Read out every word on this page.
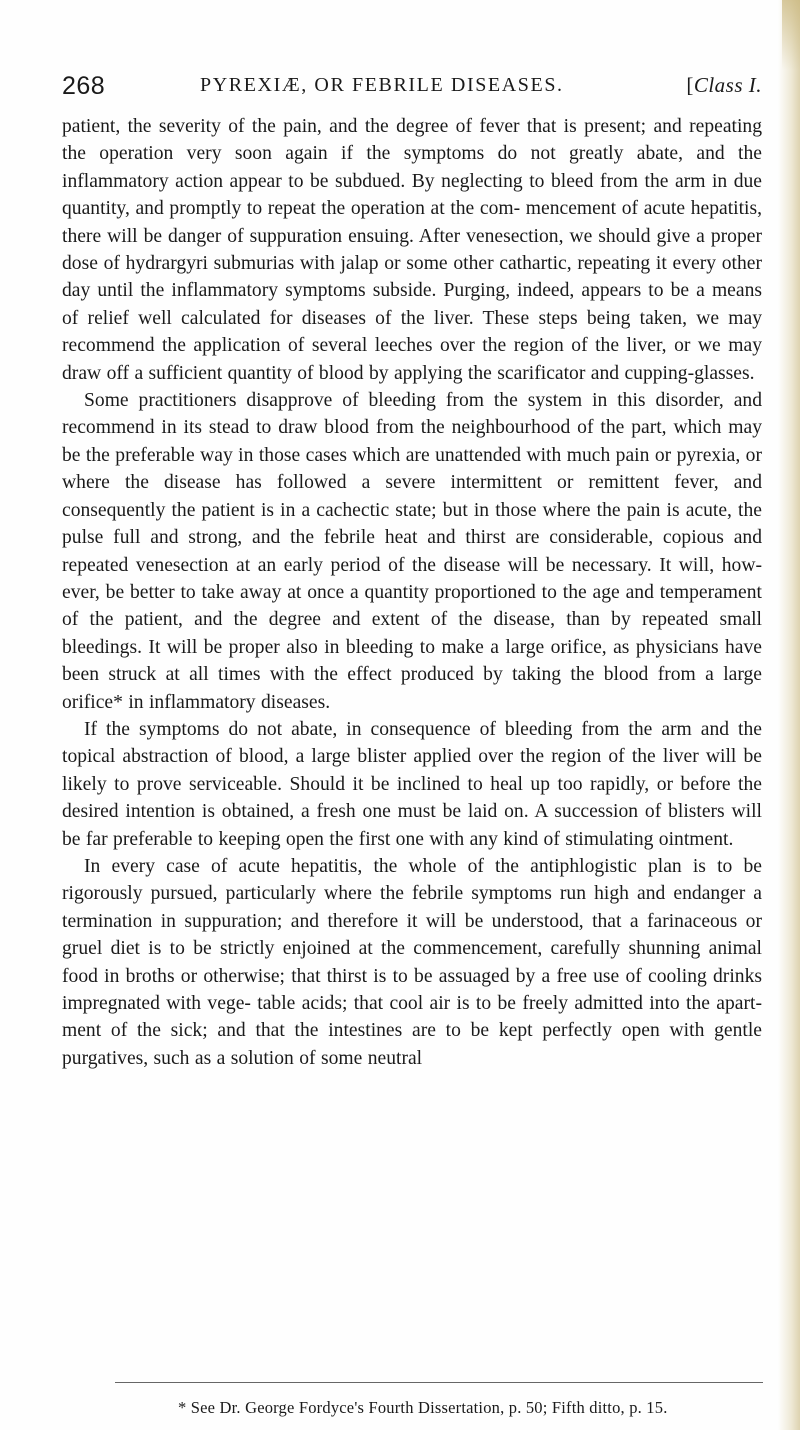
268	PYREXIÆ, OR FEBRILE DISEASES.	[Class I.

patient, the severity of the pain, and the degree of fever that is present; and repeating the operation very soon again if the symptoms do not greatly abate, and the inflammatory action appear to be subdued. By neglecting to bleed from the arm in due quantity, and promptly to repeat the operation at the com- mencement of acute hepatitis, there will be danger of suppuration ensuing. After venesection, we should give a proper dose of hydrargyri submurias with jalap or some other cathartic, repeating it every other day until the inflammatory symptoms subside. Purging, indeed, appears to be a means of relief well calculated for diseases of the liver. These steps being taken, we may recommend the application of several leeches over the region of the liver, or we may draw off a sufficient quantity of blood by applying the scarificator and cupping-glasses.

Some practitioners disapprove of bleeding from the system in this disorder, and recommend in its stead to draw blood from the neighbourhood of the part, which may be the preferable way in those cases which are unattended with much pain or pyrexia, or where the disease has followed a severe intermittent or remittent fever, and consequently the patient is in a cachectic state; but in those where the pain is acute, the pulse full and strong, and the febrile heat and thirst are considerable, copious and repeated venesection at an early period of the disease will be necessary. It will, how- ever, be better to take away at once a quantity proportioned to the age and temperament of the patient, and the degree and extent of the disease, than by repeated small bleedings. It will be proper also in bleeding to make a large orifice, as physicians have been struck at all times with the effect produced by taking the blood from a large orifice* in inflammatory diseases.

If the symptoms do not abate, in consequence of bleeding from the arm and the topical abstraction of blood, a large blister applied over the region of the liver will be likely to prove serviceable. Should it be inclined to heal up too rapidly, or before the desired intention is obtained, a fresh one must be laid on. A succession of blisters will be far preferable to keeping open the first one with any kind of stimulating ointment.

In every case of acute hepatitis, the whole of the antiphlogistic plan is to be rigorously pursued, particularly where the febrile symptoms run high and endanger a termination in suppuration; and therefore it will be understood, that a farinaceous or gruel diet is to be strictly enjoined at the commencement, carefully shunning animal food in broths or otherwise; that thirst is to be assuaged by a free use of cooling drinks impregnated with vege- table acids; that cool air is to be freely admitted into the apart- ment of the sick; and that the intestines are to be kept perfectly open with gentle purgatives, such as a solution of some neutral

* See Dr. George Fordyce's Fourth Dissertation, p. 50; Fifth ditto, p. 15.
